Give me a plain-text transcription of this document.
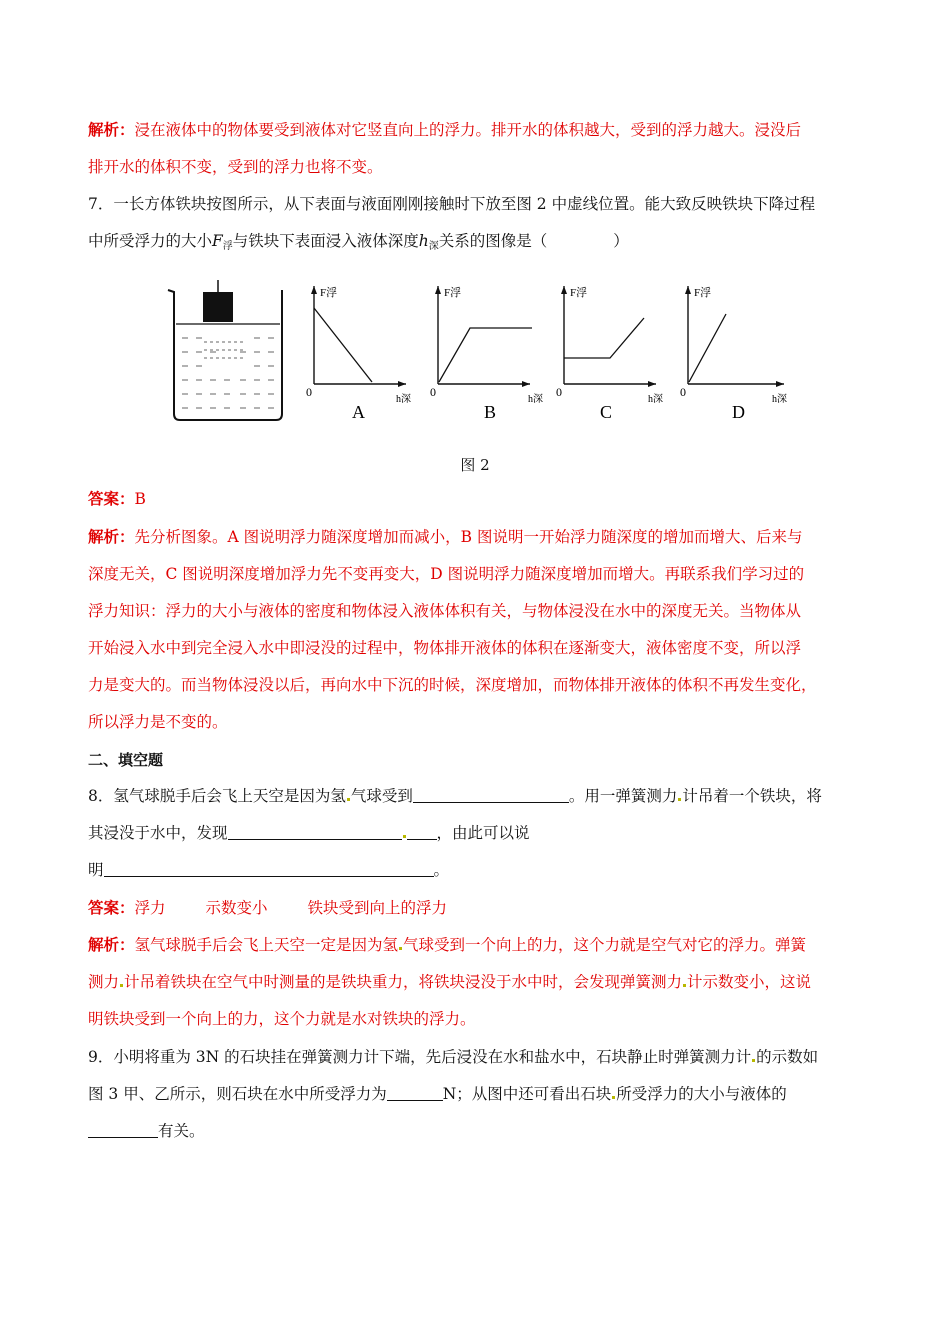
解析：浸在液体中的物体要受到液体对它竖直向上的浮力。排开水的体积越大，受到的浮力越大。浸没后
排开水的体积不变，受到的浮力也将不变。
7．一长方体铁块按图所示，从下表面与液面刚刚接触时下放至图 2 中虚线位置。能大致反映铁块下降过程
中所受浮力的大小$F_浮$与铁块下表面浸入液体深度$h_深$关系的图像是（	）
F浮
h深
0
A
F浮
h深
0
B
F浮
h深
0
C
F浮
h深
0
D
图 2
答案：B
解析：先分析图象。A 图说明浮力随深度增加而减小，B 图说明一开始浮力随深度的增加而增大、后来与
深度无关，C 图说明深度增加浮力先不变再变大，D 图说明浮力随深度增加而增大。再联系我们学习过的
浮力知识：浮力的大小与液体的密度和物体浸入液体体积有关，与物体浸没在水中的深度无关。当物体从
开始浸入水中到完全浸入水中即浸没的过程中，物体排开液体的体积在逐渐变大，液体密度不变，所以浮
力是变大的。而当物体浸没以后，再向水中下沉的时候，深度增加，而物体排开液体的体积不再发生变化，
所以浮力是不变的。
二、填空题
8．氢气球脱手后会飞上天空是因为氢 气球受到	。用一弹簧测力 计吊着一个铁块，将
其浸没于水中，发现	，由此可以说
明	。
答案：浮力	示数变小	铁块受到向上的浮力
解析：氢气球脱手后会飞上天空一定是因为氢 气球受到一个向上的力，这个力就是空气对它的浮力。弹簧
测力 计吊着铁块在空气中时测量的是铁块重力，将铁块浸没于水中时，会发现弹簧测力 计示数变小，这说
明铁块受到一个向上的力，这个力就是水对铁块的浮力。
9．小明将重为 3N 的石块挂在弹簧测力计下端，先后浸没在水和盐水中，石块静止时弹簧测力计 的示数如
图 3 甲、乙所示，则石块在水中所受浮力为	N；从图中还可看出石块 所受浮力的大小与液体的
有关。
